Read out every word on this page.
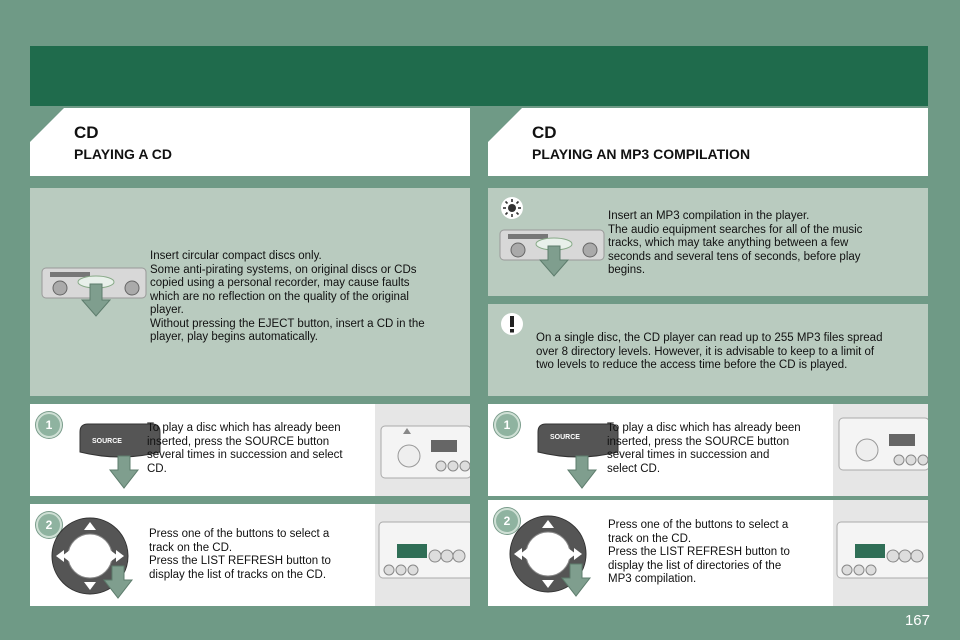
CD
PLAYING A CD
CD
PLAYING AN MP3 COMPILATION
Insert circular compact discs only.
Some anti-pirating systems, on original discs or CDs
copied using a personal recorder, may cause faults
which are no reflection on the quality of the original
player.
Without pressing the EJECT button, insert a CD in the
player, play begins automatically.
Insert an MP3 compilation in the player.
The audio equipment searches for all of the music
tracks, which may take anything between a few
seconds and several tens of seconds, before play
begins.
On a single disc, the CD player can read up to 255 MP3 files spread
over 8 directory levels. However, it is advisable to keep to a limit of
two levels to reduce the access time before the CD is played.
1
SOURCE
To play a disc which has already been
inserted, press the SOURCE button
several times in succession and select
CD.
1
SOURCE
To play a disc which has already been
inserted, press the SOURCE button
several times in succession and
select CD.
2
Press one of the buttons to select a
track on the CD.
Press the LIST REFRESH button to
display the list of tracks on the CD.
2	Press one of the buttons to select a
track on the CD.
Press the LIST REFRESH button to
display the list of directories of the
MP3 compilation.
167
